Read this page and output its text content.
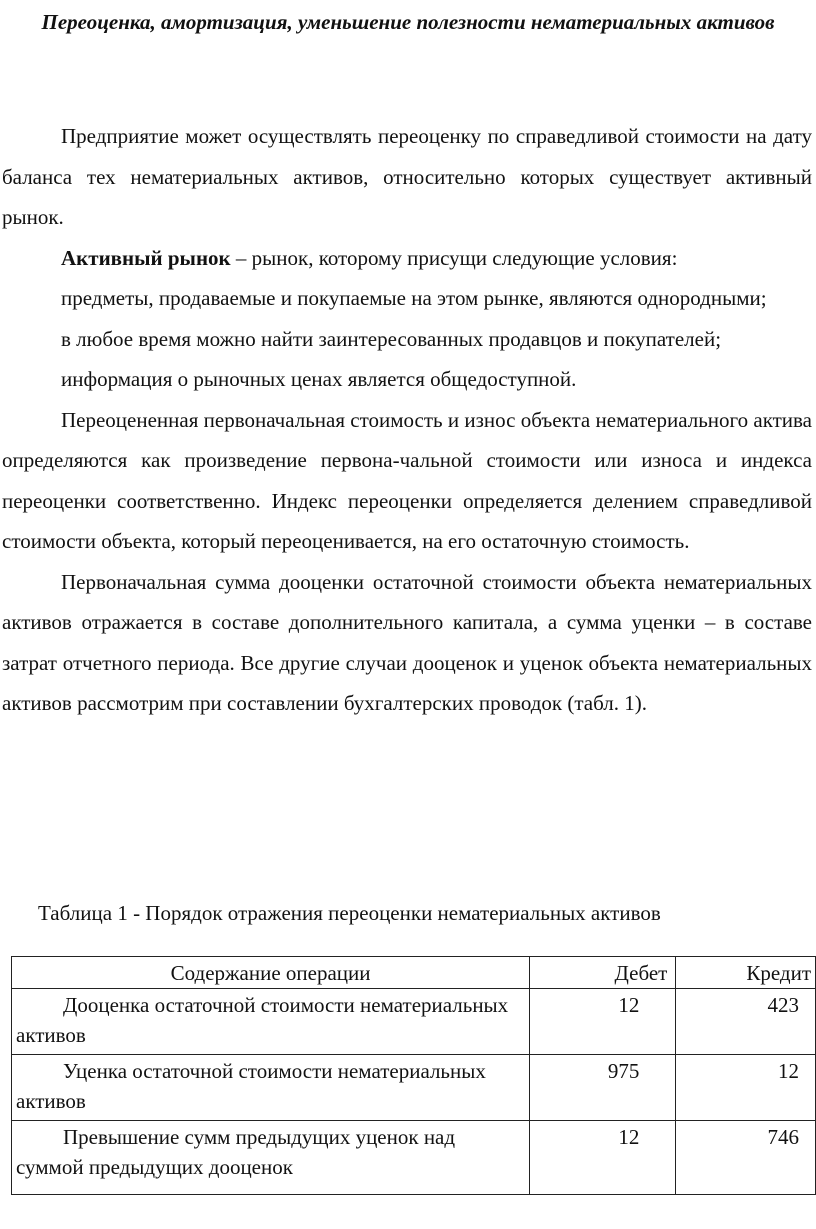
Переоценка, амортизация, уменьшение полезности нематериальных активов

Предприятие может осуществлять переоценку по справедливой стоимости на дату баланса тех нематериальных активов, относительно которых существует активный рынок.

Активный рынок – рынок, которому присущи следующие условия:

предметы, продаваемые и покупаемые на этом рынке, являются однородными;

в любое время можно найти заинтересованных продавцов и покупателей;

информация о рыночных ценах является общедоступной.

Переоцененная первоначальная стоимость и износ объекта нематериального актива определяются как произведение первона-чальной стоимости или износа и индекса переоценки соответственно. Индекс переоценки определяется делением справедливой стоимости объекта, который переоценивается, на его остаточную стоимость.

Первоначальная сумма дооценки остаточной стоимости объекта нематериальных активов отражается в составе дополнительного капитала, а сумма уценки – в составе затрат отчетного периода. Все другие случаи дооценок и уценок объекта нематериальных активов рассмотрим при составлении бухгалтерских проводок (табл. 1).

Таблица 1 - Порядок отражения переоценки нематериальных активов
Содержание операции	Дебет	Кредит
Дооценка остаточной стоимости нематериальных активов	12	423
Уценка остаточной стоимости нематериальных активов	975	12
Превышение сумм предыдущих уценок над суммой предыдущих дооценок	12	746
